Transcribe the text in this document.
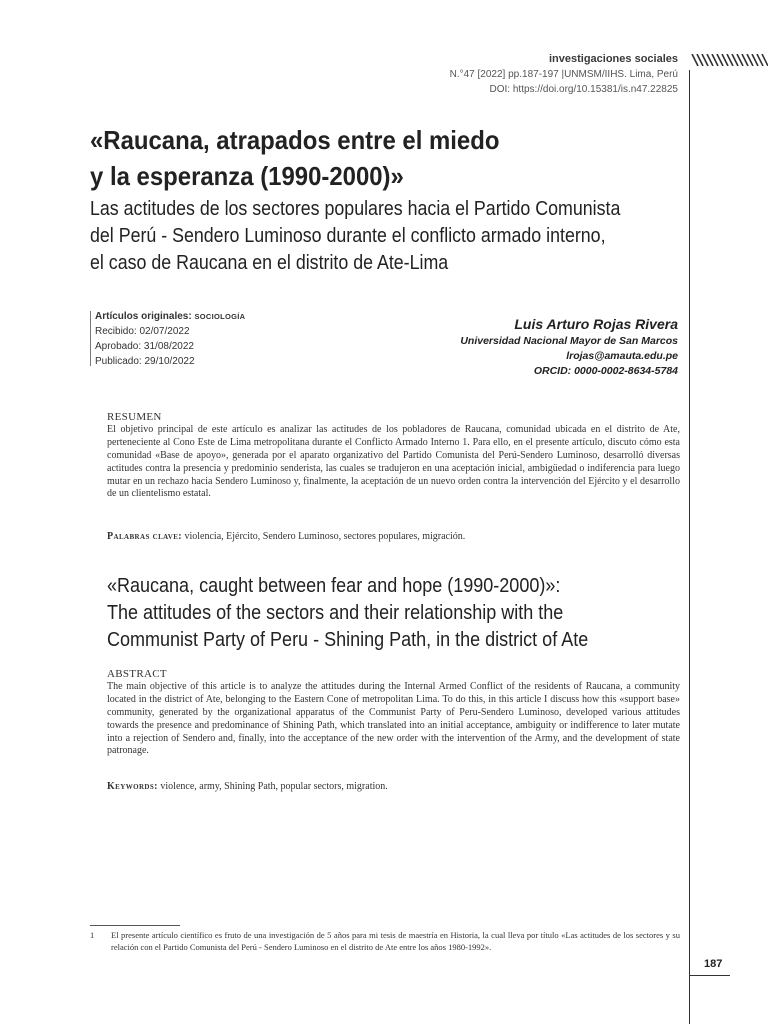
investigaciones sociales
N.°47 [2022] pp.187-197 |UNMSM/IIHS. Lima, Perú
DOI: https://doi.org/10.15381/is.n47.22825
«Raucana, atrapados entre el miedo
y la esperanza (1990-2000)»
Las actitudes de los sectores populares hacia el Partido Comunista
del Perú - Sendero Luminoso durante el conflicto armado interno,
el caso de Raucana en el distrito de Ate-Lima
Artículos originales: SOCIOLOGÍA
Recibido: 02/07/2022
Aprobado: 31/08/2022
Publicado: 29/10/2022
Luis Arturo Rojas Rivera
Universidad Nacional Mayor de San Marcos
lrojas@amauta.edu.pe
ORCID: 0000-0002-8634-5784
RESUMEN
El objetivo principal de este artículo es analizar las actitudes de los pobladores de Raucana, comunidad ubicada en el distrito de Ate, perteneciente al Cono Este de Lima metropolitana durante el Conflicto Armado Interno 1. Para ello, en el presente artículo, discuto cómo esta comunidad «Base de apoyo», generada por el aparato organizativo del Partido Comunista del Perú-Sendero Luminoso, desarrolló diversas actitudes contra la presencia y predominio senderista, las cuales se tradujeron en una aceptación inicial, ambigüedad o indiferencia para luego mutar en un rechazo hacia Sendero Luminoso y, finalmente, la aceptación de un nuevo orden contra la intervención del Ejército y el desarrollo de un clientelismo estatal.
Palabras clave: violencia, Ejército, Sendero Luminoso, sectores populares, migración.
«Raucana, caught between fear and hope (1990-2000)»:
The attitudes of the sectors and their relationship with the
Communist Party of Peru - Shining Path, in the district of Ate
ABSTRACT
The main objective of this article is to analyze the attitudes during the Internal Armed Conflict of the residents of Raucana, a community located in the district of Ate, belonging to the Eastern Cone of metropolitan Lima. To do this, in this article I discuss how this «support base» community, generated by the organizational apparatus of the Communist Party of Peru-Sendero Luminoso, developed various attitudes towards the presence and predominance of Shining Path, which translated into an initial acceptance, ambiguity or indifference to later mutate into a rejection of Sendero and, finally, into the acceptance of the new order with the intervention of the Army, and the development of state patronage.
Keywords: violence, army, Shining Path, popular sectors, migration.
1 El presente artículo científico es fruto de una investigación de 5 años para mi tesis de maestría en Historia, la cual lleva por título «Las actitudes de los sectores y su relación con el Partido Comunista del Perú - Sendero Luminoso en el distrito de Ate entre los años 1980-1992».
187
